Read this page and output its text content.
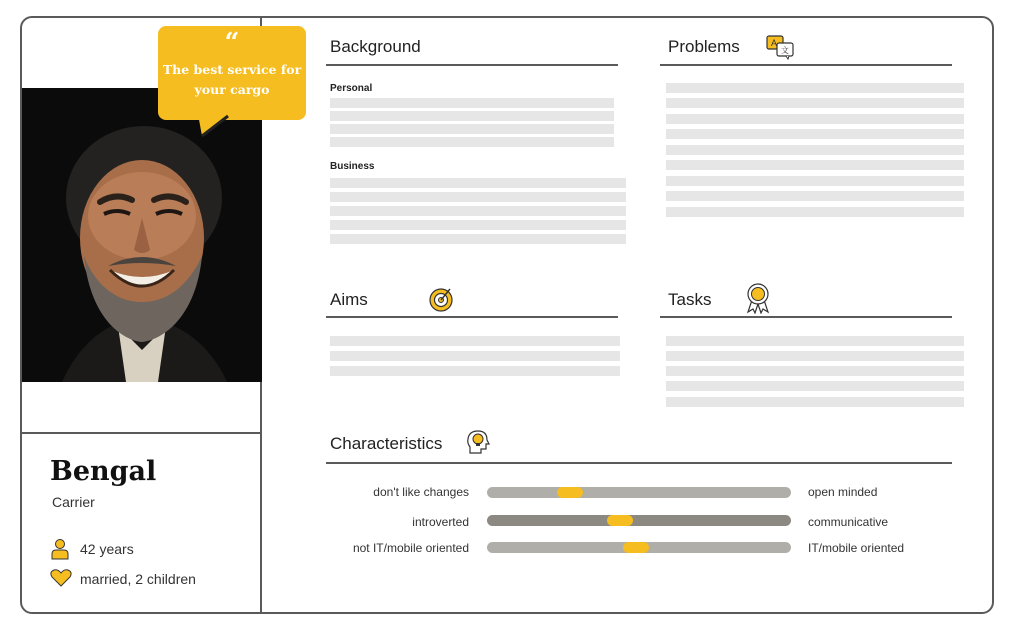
Bengal
Carrier
42 years
married, 2 children
“
The best service for
your cargo
Background
Personal
Business
Problems	A
文
Aims	Tasks
Characteristics
don't like changes	open minded
introverted	communicative
not IT/mobile oriented	IT/mobile oriented
